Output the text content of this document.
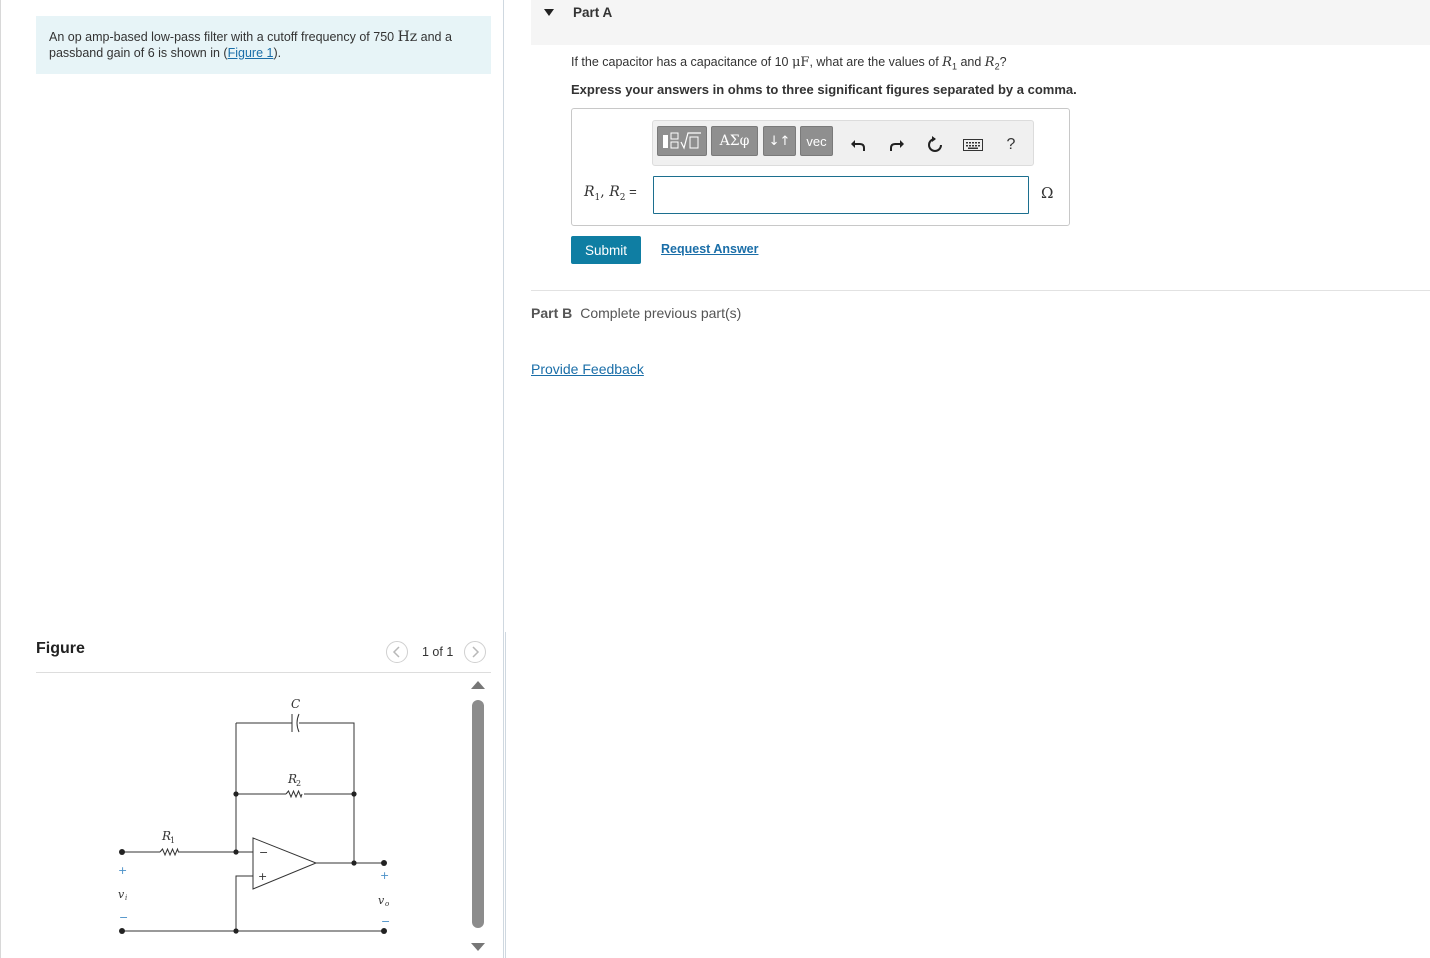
An op amp-based low-pass filter with a cutoff frequency of 750 Hz and a passband gain of 6 is shown in (Figure 1).
Figure	1 of 1
C
R
2
R
1
v i	v o
+
−
+
−
−
+
Part A
If the capacitor has a capacitance of 10 μF, what are the values of $R_1$ and $R_2$?
Express your answers in ohms to three significant figures separated by a comma.
ΑΣφ	↓↑	vec	?
$R_1$, $R_2$ =	Ω
Submit	Request Answer
Part B Complete previous part(s)
Provide Feedback
